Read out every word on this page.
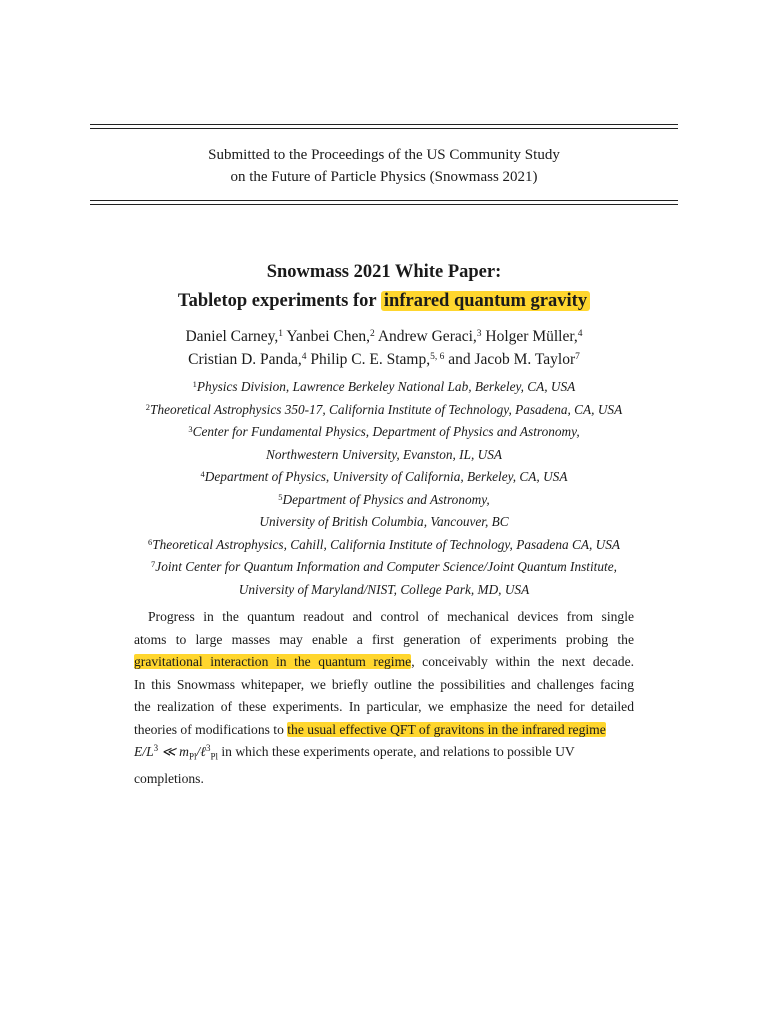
Submitted to the Proceedings of the US Community Study
on the Future of Particle Physics (Snowmass 2021)
Snowmass 2021 White Paper:
Tabletop experiments for infrared quantum gravity
Daniel Carney,$^1$ Yanbei Chen,$^2$ Andrew Geraci,$^3$ Holger Müller,$^4$
Cristian D. Panda,$^4$ Philip C. E. Stamp,$^{5, 6}$ and Jacob M. Taylor$^7$
$^1$Physics Division, Lawrence Berkeley National Lab, Berkeley, CA, USA
$^2$Theoretical Astrophysics 350-17, California Institute of Technology, Pasadena, CA, USA
$^3$Center for Fundamental Physics, Department of Physics and Astronomy,
Northwestern University, Evanston, IL, USA
$^4$Department of Physics, University of California, Berkeley, CA, USA
$^5$Department of Physics and Astronomy,
University of British Columbia, Vancouver, BC
$^6$Theoretical Astrophysics, Cahill, California Institute of Technology, Pasadena CA, USA
$^7$Joint Center for Quantum Information and Computer Science/Joint Quantum Institute,
University of Maryland/NIST, College Park, MD, USA
Progress in the quantum readout and control of mechanical devices from single
atoms to large masses may enable a first generation of experiments probing the
gravitational interaction in the quantum regime, conceivably within the next decade.
In this Snowmass whitepaper, we briefly outline the possibilities and challenges facing
the realization of these experiments. In particular, we emphasize the need for detailed
theories of modifications to the usual effective QFT of gravitons in the infrared regime
$E/L^3$ ≪ $m_{Pl}/\ell^3_{Pl}$ in which these experiments operate, and relations to possible UV
completions.
